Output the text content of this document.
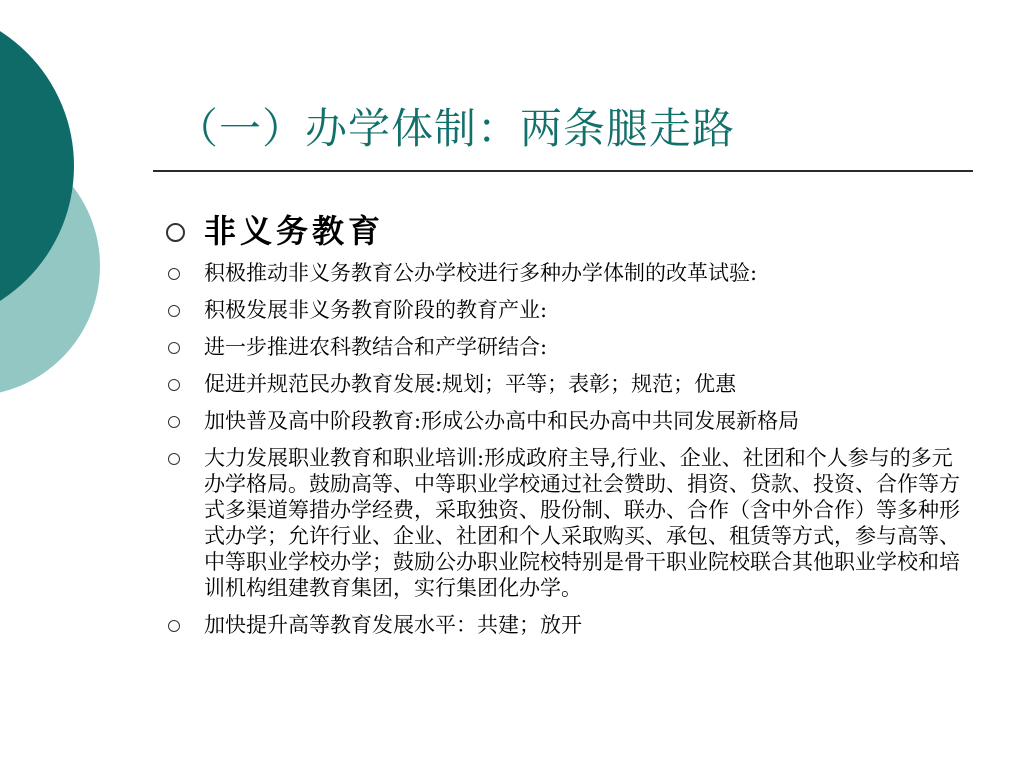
（一）办学体制：两条腿走路
非义务教育
积极推动非义务教育公办学校进行多种办学体制的改革试验:
积极发展非义务教育阶段的教育产业:
进一步推进农科教结合和产学研结合:
促进并规范民办教育发展:规划；平等；表彰；规范；优惠
加快普及高中阶段教育:形成公办高中和民办高中共同发展新格局
大力发展职业教育和职业培训:形成政府主导,行业、企业、社团和个人参与的多元办学格局。鼓励高等、中等职业学校通过社会赞助、捐资、贷款、投资、合作等方式多渠道筹措办学经费，采取独资、股份制、联办、合作（含中外合作）等多种形式办学；允许行业、企业、社团和个人采取购买、承包、租赁等方式，参与高等、中等职业学校办学；鼓励公办职业院校特别是骨干职业院校联合其他职业学校和培训机构组建教育集团，实行集团化办学。
加快提升高等教育发展水平：共建；放开
